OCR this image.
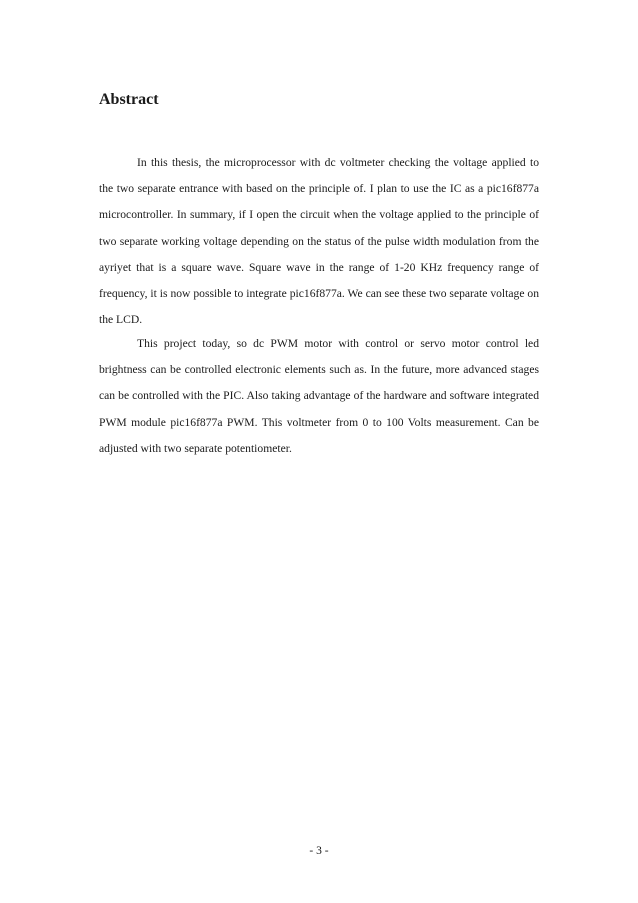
Abstract

In this thesis, the microprocessor with dc voltmeter checking the voltage applied to the two separate entrance with based on the principle of. I plan to use the IC as a pic16f877a microcontroller. In summary, if I open the circuit when the voltage applied to the principle of two separate working voltage depending on the status of the pulse width modulation from the ayriyet that is a square wave. Square wave in the range of 1-20 KHz frequency range of frequency, it is now possible to integrate pic16f877a. We can see these two separate voltage on the LCD.

This project today, so dc PWM motor with control or servo motor control led brightness can be controlled electronic elements such as. In the future, more advanced stages can be controlled with the PIC. Also taking advantage of the hardware and software integrated PWM module pic16f877a PWM. This voltmeter from 0 to 100 Volts measurement. Can be adjusted with two separate potentiometer.

- 3 -
